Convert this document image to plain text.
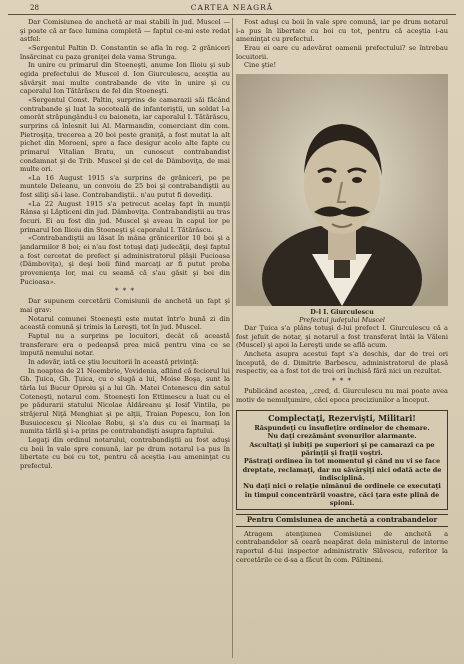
28	CARTEA NEAGRĂ

Dar Comisiunea de anchetă ar mai stabili în jud. Muscel — şi poate că ar face lumina completă — faptul ce-mi este redat astfel:

«Sergentul Paltin D. Constantin se afla în reg. 2 grăniceri însărcinat cu paza graniţei dela vama Strunga.

In unire cu primarul din Stoeneşti, anume Ion Ilioiu şi sub egida prefectului de Muscel d. Ion Giurculescu, aceştia au săvârşit mai multe contrabande de vite în unire şi cu caporalul Ion Tătărăscu de fel din Stoeneşti.

«Sergentul Const. Paltin, surprins de camarazii săi făcând contrabande şi luat la socoteală de infanteriştii, un soldat l-a omorât străpungându-l cu baioneta, iar caporalul I. Tătărăscu, surprins că înlesnit lui Al. Marmandin, comerciant din com. Pietroşiţa, trecerea a 20 boi peste graniţă, a fost mutat la alt pichet din Moroeni, spre a face desigur acolo alte fapte cu primarul Vitalian Bratu, un cunoscut contrabandist condamnat şi de Trib. Muscel şi de cel de Dâmboviţa, de mai multe ori.

«La 16 August 1915 s'a surprins de grăniceri, pe pe muntele Deleanu, un convoiu de 25 boi şi contrabandiştii au fost siliţi să-i lase. Contrabandiştii.. n'au putut fi dovediţi.

«La 22 August 1915 s'a petrecut acelaş fapt în munţii Rânsa şi Lăpticeni din jud. Dâmboviţa. Contrabandiştii au tras focuri. Ei au fost din jud. Muscel şi aveau în capul lor pe primarul Ion Ilioiu din Stoeneşti şi caporalul I. Tătărăscu.

«Contrabandiştii au lăsat în mâna grănicerilor 10 boi şi a jandarmilor 8 boi; ei n'au fost totuşi daţi judecăţii, deşi faptul a fost cercetat de prefect şi administratorul plăşii Pucioasa (Dâmboviţa), şi deşi boii fiind marcaţi ar fi putut proba provenienţa lor, mai cu seamă că s'au găsit şi boi din Pucioasa».

* * *

Dar supunem cercetării Comisiunii de anchetă un fapt şi mai grav:

Notarul comunei Stoeneşti este mutat într'o bună zi din această comună şi trimis la Lereşti, tot în jud. Muscel.

Faptul nu a surprins pe locuitori, decât că această transferare era o pedeapsă prea mică pentru vina ce se impută nemului notar.

In adevăr, iată ce ştiu locuitorii în această privinţă:

In noaptea de 21 Noembrie, Vovidenia, aflând că feciorul lui Gh. Ţuica, Gh. Ţuica, cu o slugă a lui, Moise Boşa, sunt la târla lui Bucur Oproiu şi a lui Gh. Matei Cotenescu din satul Coteneşti, notarul com. Stoeneşti Ion Ettimescu a luat cu el pe pădurarii statului Nicolae Aldăreanu şi Iosif Vintila, pe străjerul Niţă Menghiat şi pe alţii, Traian Popescu, Ion Ion Busuiocescu şi Nicolae Robu, şi s'a dus cu ei înarmaţi la numita târlă şi i-a prins pe contrabandişti asupra faptului.

Legaţi din ordinul notarului, contrabandiştii au fost aduşi cu boii în vale spre comună, iar pe drum notarul i-a pus în libertate cu boi cu tot, pentru că aceştia i-au ameninţat cu prefectul.

Fost aduşi cu boii în vale spre comună, iar pe drum notarul i-a pus în libertate cu boi cu tot, pentru că aceştia i-au ameninţat cu prefectul.

Erau ei oare cu adevărat oamenii prefectului? se întrebau locuitorii.

Cine ştie!

D-l I. Giurculescu
Prefectul judeţului Muscel

Dar Ţuica s'a plâns totuşi d-lui prefect I. Giurculescu că a fost jefuit de notar, şi notarul a fost transferat întâi la Văleni (Muscel) şi apoi la Lereşti unde se află acum.

Ancheta asupra acestui fapt s'a deschis, dar de trei ori începută, de d. Dimitrie Barbescu, administratorul de plasă respectiv, ea a fost tot de trei ori închisă fără nici un rezultat.

* * *

Publicând acestea, ,,cred, d. Giurculescu nu mai poate avea motiv de nemulţumire, căci epoca preciziunilor a început.

Complectaţi, Rezervişti, Militari!
Răspundeţi cu însufleţire ordinelor de chemare.
Nu daţi crezământ svonurilor alarmante.
Ascultaţi şi iubiţi pe superiori şi pe camarazi ca pe părinţii şi fraţii voştri.
Păstraţi ordinea în tot momentul şi când nu vi se face dreptate, reclamaţi, dar nu săvârşiţi nici odată acte de indisciplină.
Nu daţi nici o relaţie nimănui de ordinele ce executaţi în timpul concentrării voastre, căci ţara este plină de spioni.
Pentru Comisiunea de anchetă a contrabandelor

Atragem atenţiunea Comisiunei de anchetă a contrabandelor să ceară neapărat dela ministerul de interne raportul d-lui inspector administrativ Slăvescu, referitor la cercetările ce d-sa a făcut în com. Păltineni.
